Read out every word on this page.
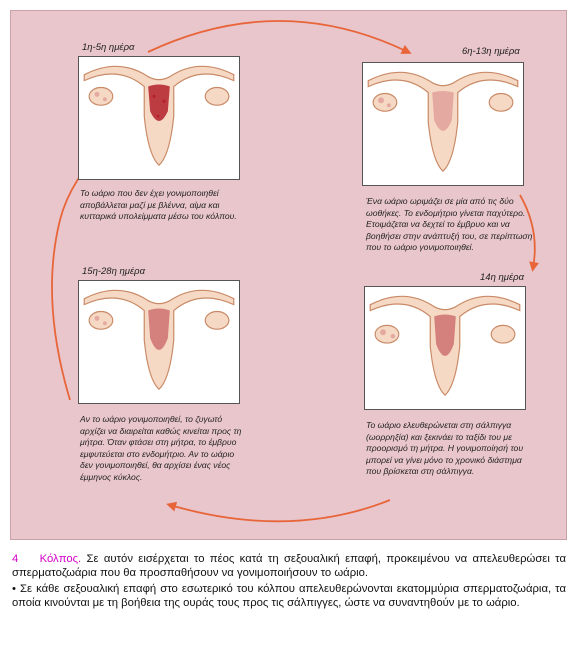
1η-5η ημέρα
Το ωάριο που δεν έχει γονιμοποιηθεί αποβάλλεται μαζί με βλέννα, αίμα και κυτταρικά υπολείμματα μέσω του κόλπου.
6η-13η ημέρα
Ένα ωάριο ωριμάζει σε μία από τις δύο ωοθήκες. Το ενδομήτριο γίνεται παχύτερο. Ετοιμάζεται να δεχτεί το έμβρυο και να βοηθήσει στην ανάπτυξή του, σε περίπτωση που το ωάριο γονιμοποιηθεί.
14η ημέρα
Το ωάριο ελευθερώνεται στη σάλπιγγα (ωορρηξία) και ξεκινάει το ταξίδι του με προορισμό τη μήτρα. Η γονιμοποίησή του μπορεί να γίνει μόνο το χρονικό διάστημα που βρίσκεται στη σάλπιγγα.
15η-28η ημέρα
Αν το ωάριο γονιμοποιηθεί, το ζυγωτό αρχίζει να διαιρείται καθώς κινείται προς τη μήτρα. Όταν φτάσει στη μήτρα, το έμβρυο εμφυτεύεται στο ενδομήτριο. Αν το ωάριο δεν γονιμοποιηθεί, θα αρχίσει ένας νέος έμμηνος κύκλος.

4 Κόλπος. Σε αυτόν εισέρχεται το πέος κατά τη σεξουαλική επαφή, προκειμένου να απελευθερώσει τα σπερματοζωάρια που θα προσπαθήσουν να γονιμοποιήσουν το ωάριο.

• Σε κάθε σεξουαλική επαφή στο εσωτερικό του κόλπου απελευθερώνονται εκατομμύρια σπερματοζωάρια, τα οποία κινούνται με τη βοήθεια της ουράς τους προς τις σάλπιγγες, ώστε να συναντηθούν με το ωάριο.
